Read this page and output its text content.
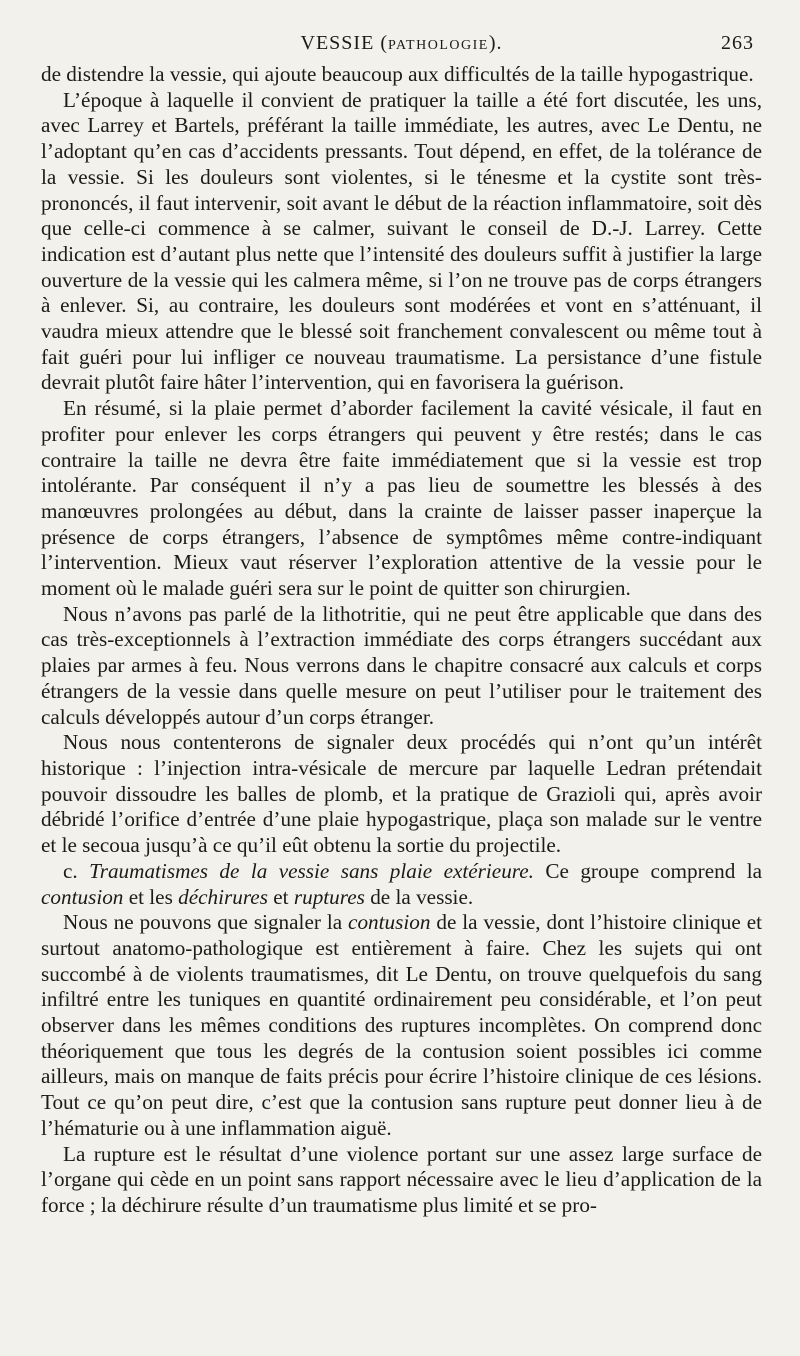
VESSIE (PATHOLOGIE).	263

de distendre la vessie, qui ajoute beaucoup aux difficultés de la taille hypogastrique.

L’époque à laquelle il convient de pratiquer la taille a été fort discutée, les uns, avec Larrey et Bartels, préférant la taille immédiate, les autres, avec Le Dentu, ne l’adoptant qu’en cas d’accidents pressants. Tout dépend, en effet, de la tolérance de la vessie. Si les douleurs sont violentes, si le ténesme et la cystite sont très-prononcés, il faut intervenir, soit avant le début de la réaction inflammatoire, soit dès que celle-ci commence à se calmer, suivant le conseil de D.-J. Larrey. Cette indication est d’autant plus nette que l’intensité des douleurs suffit à justifier la large ouverture de la vessie qui les calmera même, si l’on ne trouve pas de corps étrangers à enlever. Si, au contraire, les douleurs sont modérées et vont en s’atténuant, il vaudra mieux attendre que le blessé soit franchement convalescent ou même tout à fait guéri pour lui infliger ce nouveau traumatisme. La persistance d’une fistule devrait plutôt faire hâter l’intervention, qui en favorisera la guérison.

En résumé, si la plaie permet d’aborder facilement la cavité vésicale, il faut en profiter pour enlever les corps étrangers qui peuvent y être restés; dans le cas contraire la taille ne devra être faite immédiatement que si la vessie est trop intolérante. Par conséquent il n’y a pas lieu de soumettre les blessés à des manœuvres prolongées au début, dans la crainte de laisser passer inaperçue la présence de corps étrangers, l’absence de symptômes même contre-indiquant l’intervention. Mieux vaut réserver l’exploration attentive de la vessie pour le moment où le malade guéri sera sur le point de quitter son chirurgien.

Nous n’avons pas parlé de la lithotritie, qui ne peut être applicable que dans des cas très-exceptionnels à l’extraction immédiate des corps étrangers succédant aux plaies par armes à feu. Nous verrons dans le chapitre consacré aux calculs et corps étrangers de la vessie dans quelle mesure on peut l’utiliser pour le traitement des calculs développés autour d’un corps étranger.

Nous nous contenterons de signaler deux procédés qui n’ont qu’un intérêt historique : l’injection intra-vésicale de mercure par laquelle Ledran prétendait pouvoir dissoudre les balles de plomb, et la pratique de Grazioli qui, après avoir débridé l’orifice d’entrée d’une plaie hypogastrique, plaça son malade sur le ventre et le secoua jusqu’à ce qu’il eût obtenu la sortie du projectile.

c. Traumatismes de la vessie sans plaie extérieure. Ce groupe comprend la contusion et les déchirures et ruptures de la vessie.

Nous ne pouvons que signaler la contusion de la vessie, dont l’histoire clinique et surtout anatomo-pathologique est entièrement à faire. Chez les sujets qui ont succombé à de violents traumatismes, dit Le Dentu, on trouve quelquefois du sang infiltré entre les tuniques en quantité ordinairement peu considérable, et l’on peut observer dans les mêmes conditions des ruptures incomplètes. On comprend donc théoriquement que tous les degrés de la contusion soient possibles ici comme ailleurs, mais on manque de faits précis pour écrire l’histoire clinique de ces lésions. Tout ce qu’on peut dire, c’est que la contusion sans rupture peut donner lieu à de l’hématurie ou à une inflammation aiguë.

La rupture est le résultat d’une violence portant sur une assez large surface de l’organe qui cède en un point sans rapport nécessaire avec le lieu d’application de la force ; la déchirure résulte d’un traumatisme plus limité et se pro-
